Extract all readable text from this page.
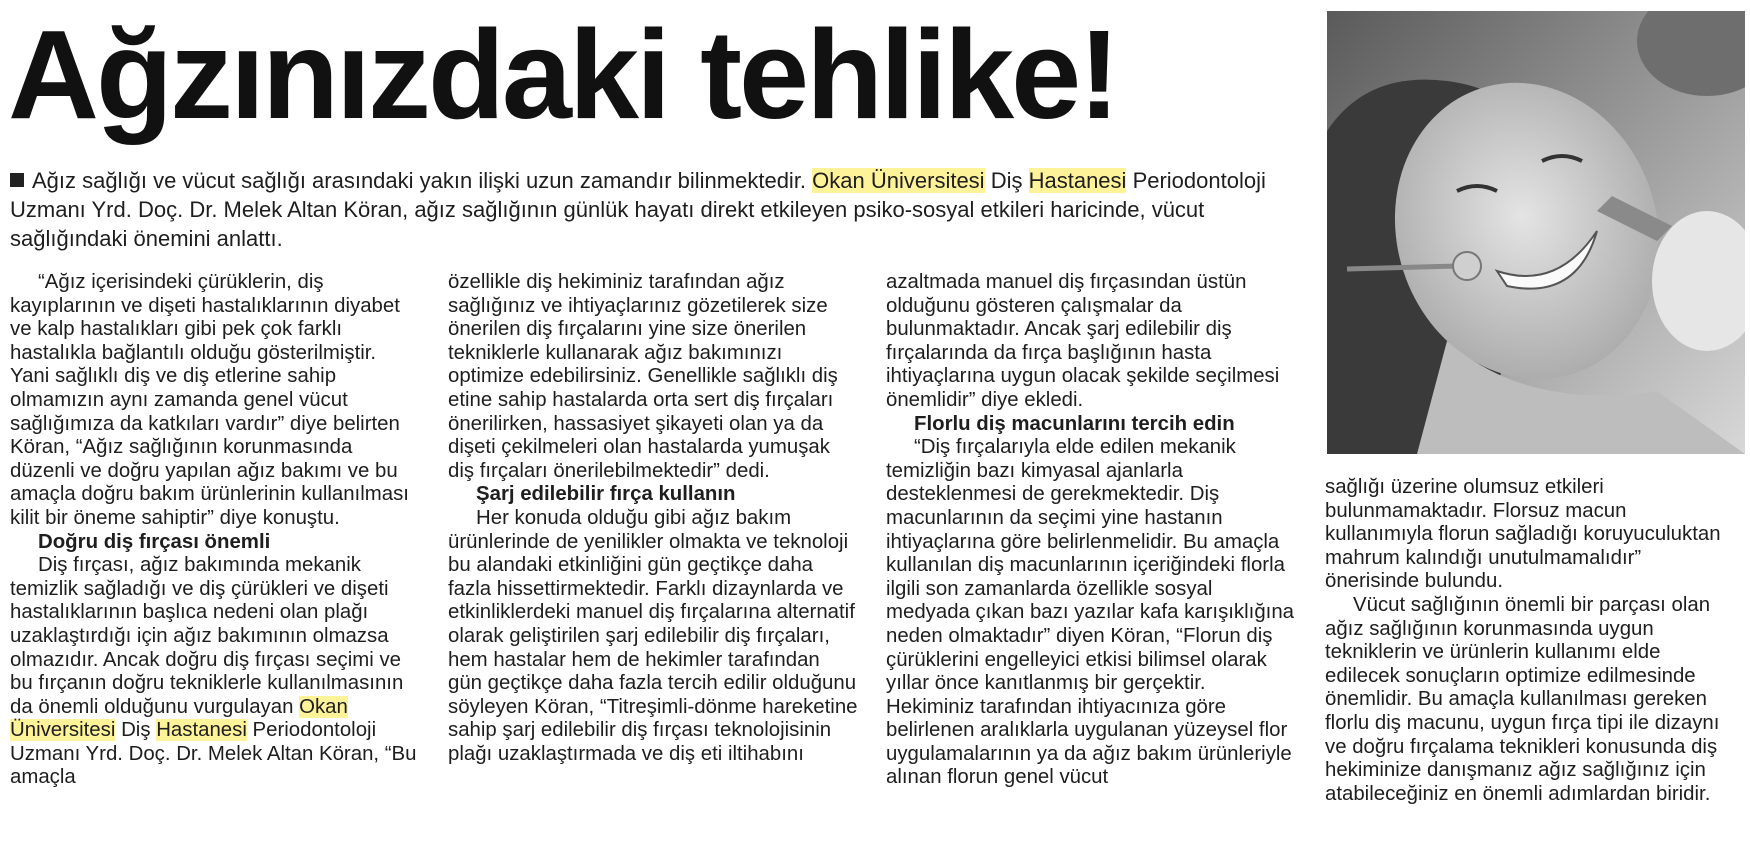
Ağzınızdaki tehlike!
Ağız sağlığı ve vücut sağlığı arasındaki yakın ilişki uzun zamandır bilinmektedir. Okan Üniversitesi Diş Hastanesi Periodontoloji Uzmanı Yrd. Doç. Dr. Melek Altan Köran, ağız sağlığının günlük hayatı direkt etkileyen psiko-sosyal etkileri haricinde, vücut sağlığındaki önemini anlattı.

“Ağız içerisindeki çürüklerin, diş kayıplarının ve dişeti hastalıklarının diyabet ve kalp hastalıkları gibi pek çok farklı hastalıkla bağlantılı olduğu gösterilmiştir. Yani sağlıklı diş ve diş etlerine sahip olmamızın aynı zamanda genel vücut sağlığımıza da katkıları vardır” diye belirten Köran, “Ağız sağlığının korunmasında düzenli ve doğru yapılan ağız bakımı ve bu amaçla doğru bakım ürünlerinin kullanılması kilit bir öneme sahiptir” diye konuştu.

Doğru diş fırçası önemli

Diş fırçası, ağız bakımında mekanik temizlik sağladığı ve diş çürükleri ve dişeti hastalıklarının başlıca nedeni olan plağı uzaklaştırdığı için ağız bakımının olmazsa olmazıdır. Ancak doğru diş fırçası seçimi ve bu fırçanın doğru tekniklerle kullanılmasının da önemli olduğunu vurgulayan Okan Üniversitesi Diş Hastanesi Periodontoloji Uzmanı Yrd. Doç. Dr. Melek Altan Köran, “Bu amaçla

özellikle diş hekiminiz tarafından ağız sağlığınız ve ihtiyaçlarınız gözetilerek size önerilen diş fırçalarını yine size önerilen tekniklerle kullanarak ağız bakımınızı optimize edebilirsiniz. Genellikle sağlıklı diş etine sahip hastalarda orta sert diş fırçaları önerilirken, hassasiyet şikayeti olan ya da dişeti çekilmeleri olan hastalarda yumuşak diş fırçaları önerilebilmektedir” dedi.

Şarj edilebilir fırça kullanın

Her konuda olduğu gibi ağız bakım ürünlerinde de yenilikler olmakta ve teknoloji bu alandaki etkinliğini gün geçtikçe daha fazla hissettirmektedir. Farklı dizaynlarda ve etkinliklerdeki manuel diş fırçalarına alternatif olarak geliştirilen şarj edilebilir diş fırçaları, hem hastalar hem de hekimler tarafından gün geçtikçe daha fazla tercih edilir olduğunu söyleyen Köran, “Titreşimli-dönme hareketine sahip şarj edilebilir diş fırçası teknolojisinin plağı uzaklaştırmada ve diş eti iltihabını

azaltmada manuel diş fırçasından üstün olduğunu gösteren çalışmalar da bulunmaktadır. Ancak şarj edilebilir diş fırçalarında da fırça başlığının hasta ihtiyaçlarına uygun olacak şekilde seçilmesi önemlidir” diye ekledi.

Florlu diş macunlarını tercih edin

“Diş fırçalarıyla elde edilen mekanik temizliğin bazı kimyasal ajanlarla desteklenmesi de gerekmektedir. Diş macunlarının da seçimi yine hastanın ihtiyaçlarına göre belirlenmelidir. Bu amaçla kullanılan diş macunlarının içeriğindeki florla ilgili son zamanlarda özellikle sosyal medyada çıkan bazı yazılar kafa karışıklığına neden olmaktadır” diyen Köran, “Florun diş çürüklerini engelleyici etkisi bilimsel olarak yıllar önce kanıtlanmış bir gerçektir. Hekiminiz tarafından ihtiyacınıza göre belirlenen aralıklarla uygulanan yüzeysel flor uygulamalarının ya da ağız bakım ürünleriyle alınan florun genel vücut

sağlığı üzerine olumsuz etkileri bulunmamaktadır. Florsuz macun kullanımıyla florun sağladığı koruyuculuktan mahrum kalındığı unutulmamalıdır” önerisinde bulundu.

Vücut sağlığının önemli bir parçası olan ağız sağlığının korunmasında uygun tekniklerin ve ürünlerin kullanımı elde edilecek sonuçların optimize edilmesinde önemlidir. Bu amaçla kullanılması gereken florlu diş macunu, uygun fırça tipi ile dizaynı ve doğru fırçalama teknikleri konusunda diş hekiminize danışmanız ağız sağlığınız için atabileceğiniz en önemli adımlardan biridir.
